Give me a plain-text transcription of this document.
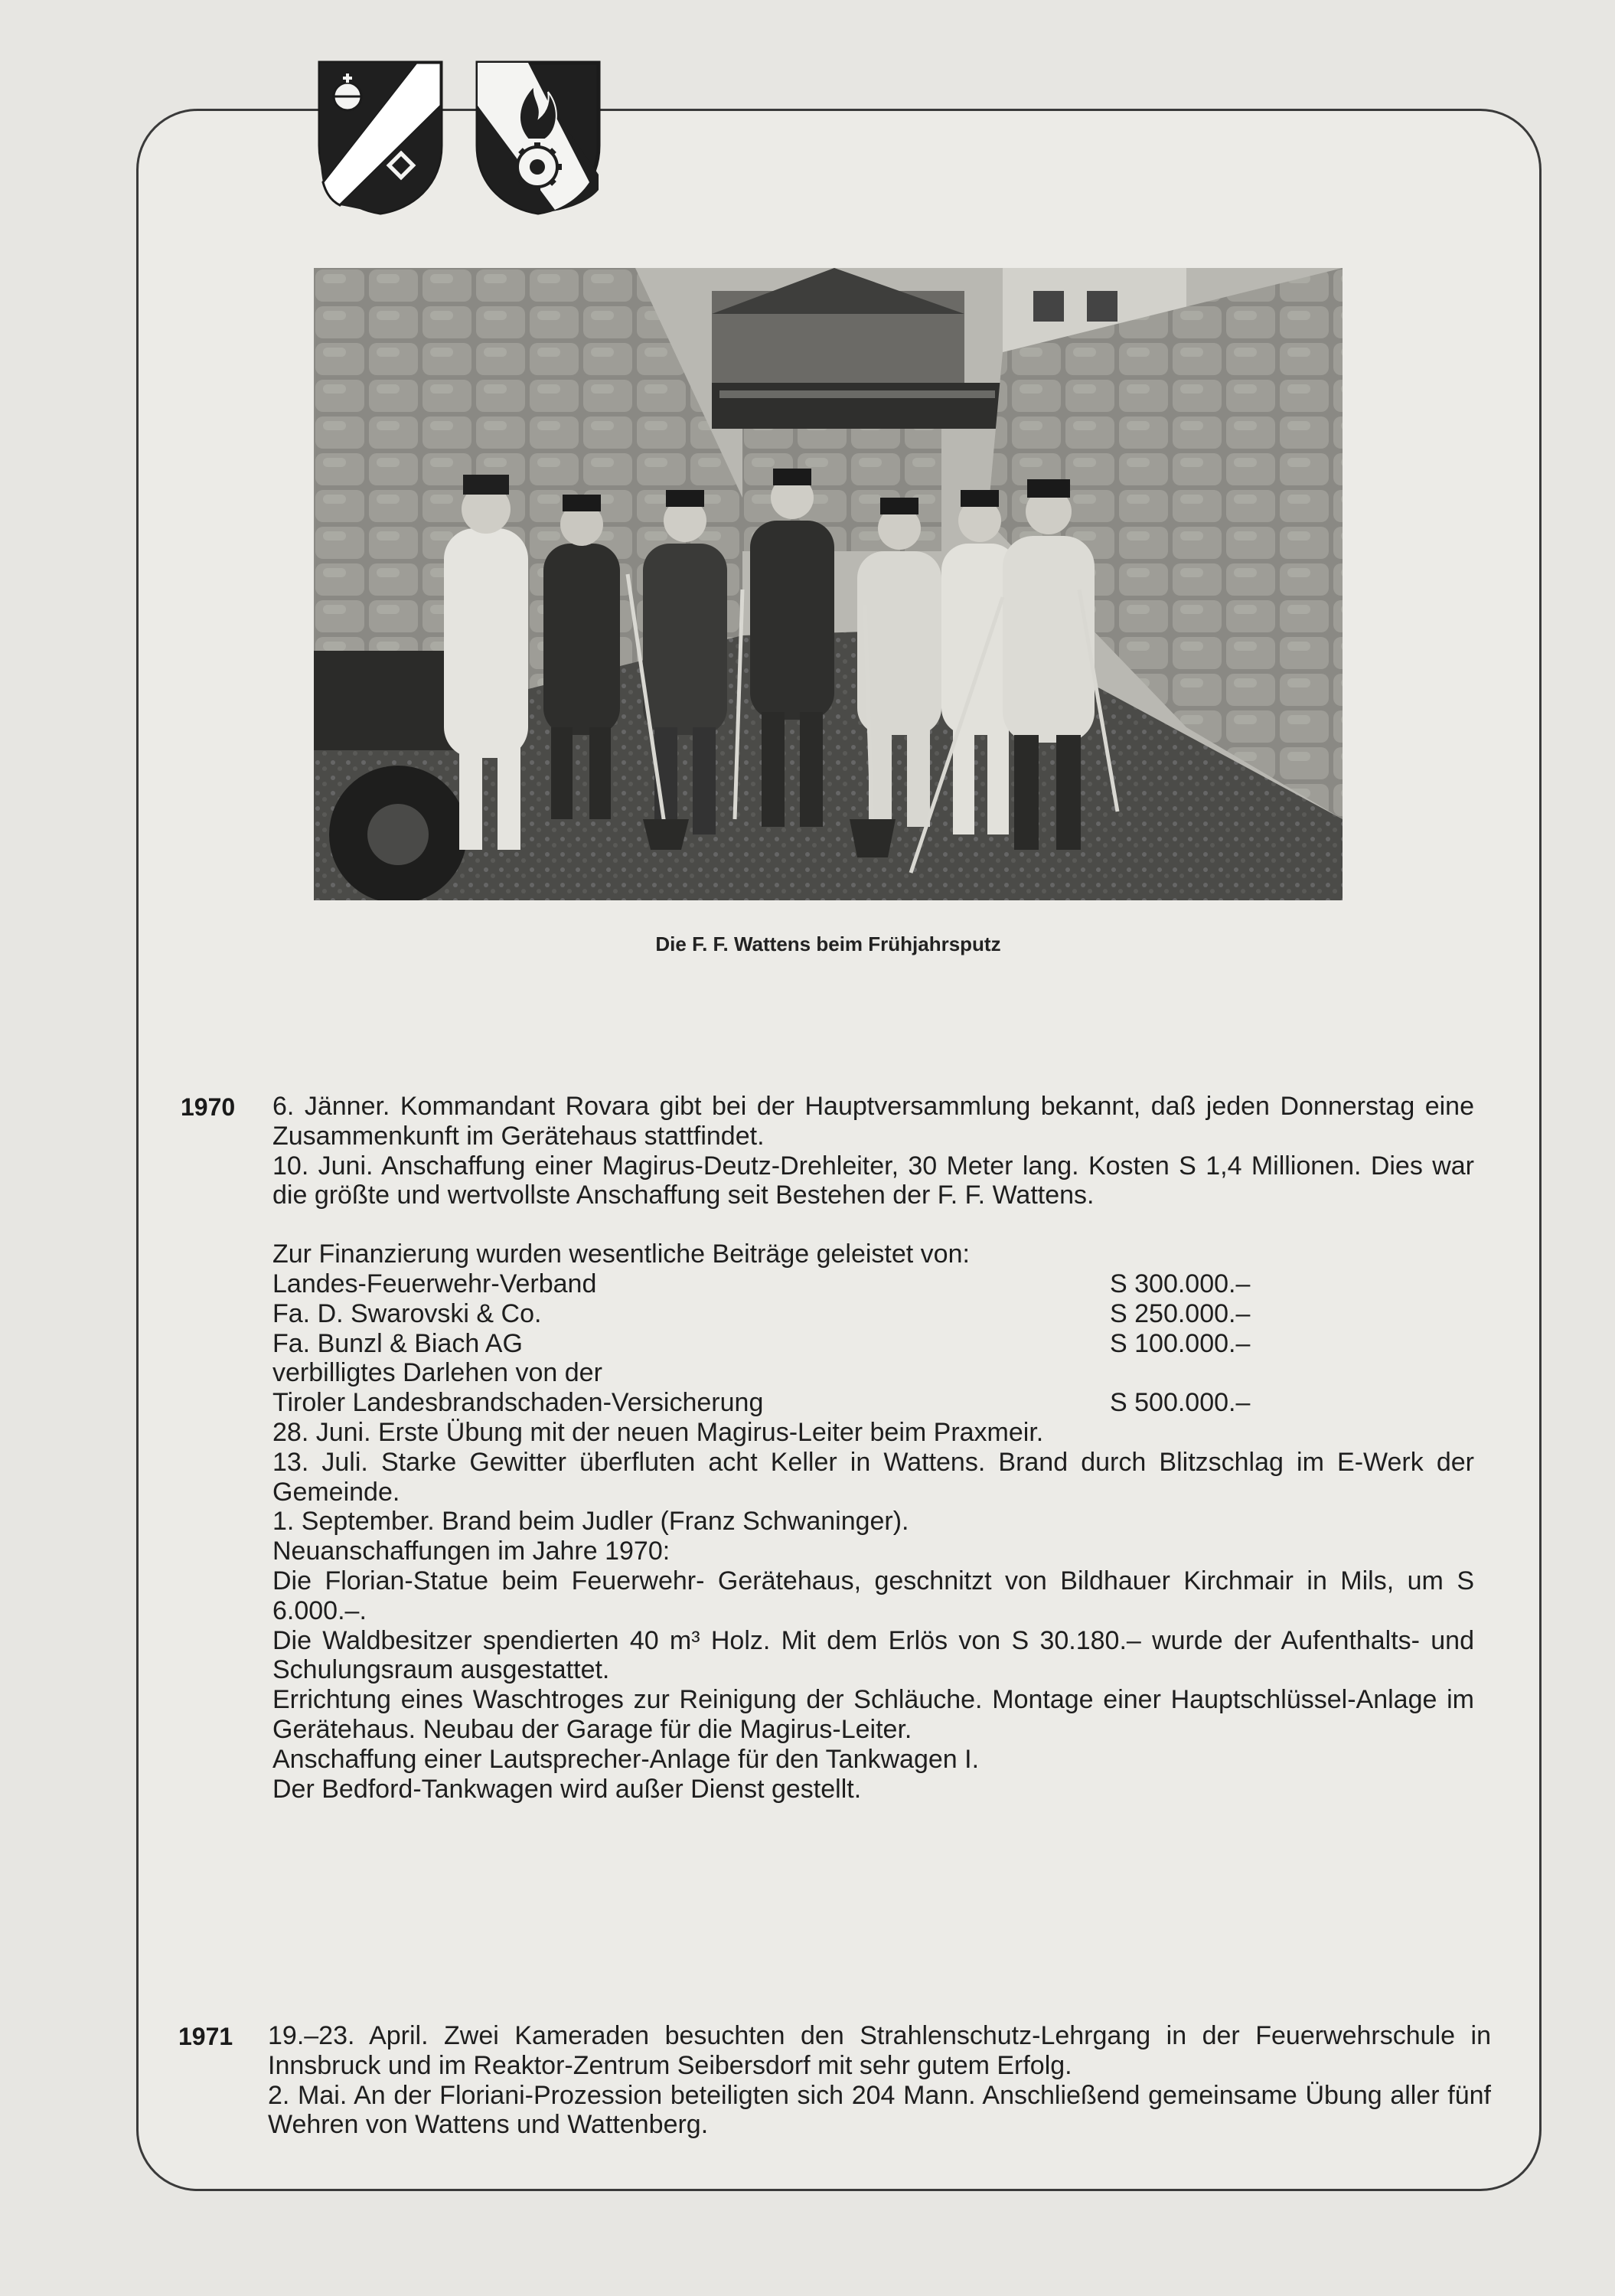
Die F. F. Wattens beim Frühjahrsputz
1970 6. Jänner. Kommandant Rovara gibt bei der Hauptversammlung bekannt, daß jeden Donnerstag eine Zusammenkunft im Gerätehaus stattfindet.

10. Juni. Anschaffung einer Magirus-Deutz-Drehleiter, 30 Meter lang. Kosten S 1,4 Millionen. Dies war die größte und wertvollste Anschaffung seit Bestehen der F. F. Wattens.

Zur Finanzierung wurden wesentliche Beiträge geleistet von:

Landes-Feuerwehr-Verband	S 300.000.–
Fa. D. Swarovski & Co.	S 250.000.–
Fa. Bunzl & Biach AG	S 100.000.–
verbilligtes Darlehen von der
Tiroler Landesbrandschaden-Versicherung	S 500.000.–

28. Juni. Erste Übung mit der neuen Magirus-Leiter beim Praxmeir.

13. Juli. Starke Gewitter überfluten acht Keller in Wattens. Brand durch Blitzschlag im E-Werk der Gemeinde.

1. September. Brand beim Judler (Franz Schwaninger).

Neuanschaffungen im Jahre 1970:

Die Florian-Statue beim Feuerwehr- Gerätehaus, geschnitzt von Bildhauer Kirchmair in Mils, um S 6.000.–.

Die Waldbesitzer spendierten 40 m³ Holz. Mit dem Erlös von S 30.180.– wurde der Aufenthalts- und Schulungsraum ausgestattet.

Errichtung eines Waschtroges zur Reinigung der Schläuche. Montage einer Hauptschlüssel-Anlage im Gerätehaus. Neubau der Garage für die Magirus-Leiter.

Anschaffung einer Lautsprecher-Anlage für den Tankwagen I.

Der Bedford-Tankwagen wird außer Dienst gestellt.

1971 19.–23. April. Zwei Kameraden besuchten den Strahlenschutz-Lehrgang in der Feuerwehrschule in Innsbruck und im Reaktor-Zentrum Seibersdorf mit sehr gutem Erfolg.

2. Mai. An der Floriani-Prozession beteiligten sich 204 Mann. Anschließend gemeinsame Übung aller fünf Wehren von Wattens und Wattenberg.
